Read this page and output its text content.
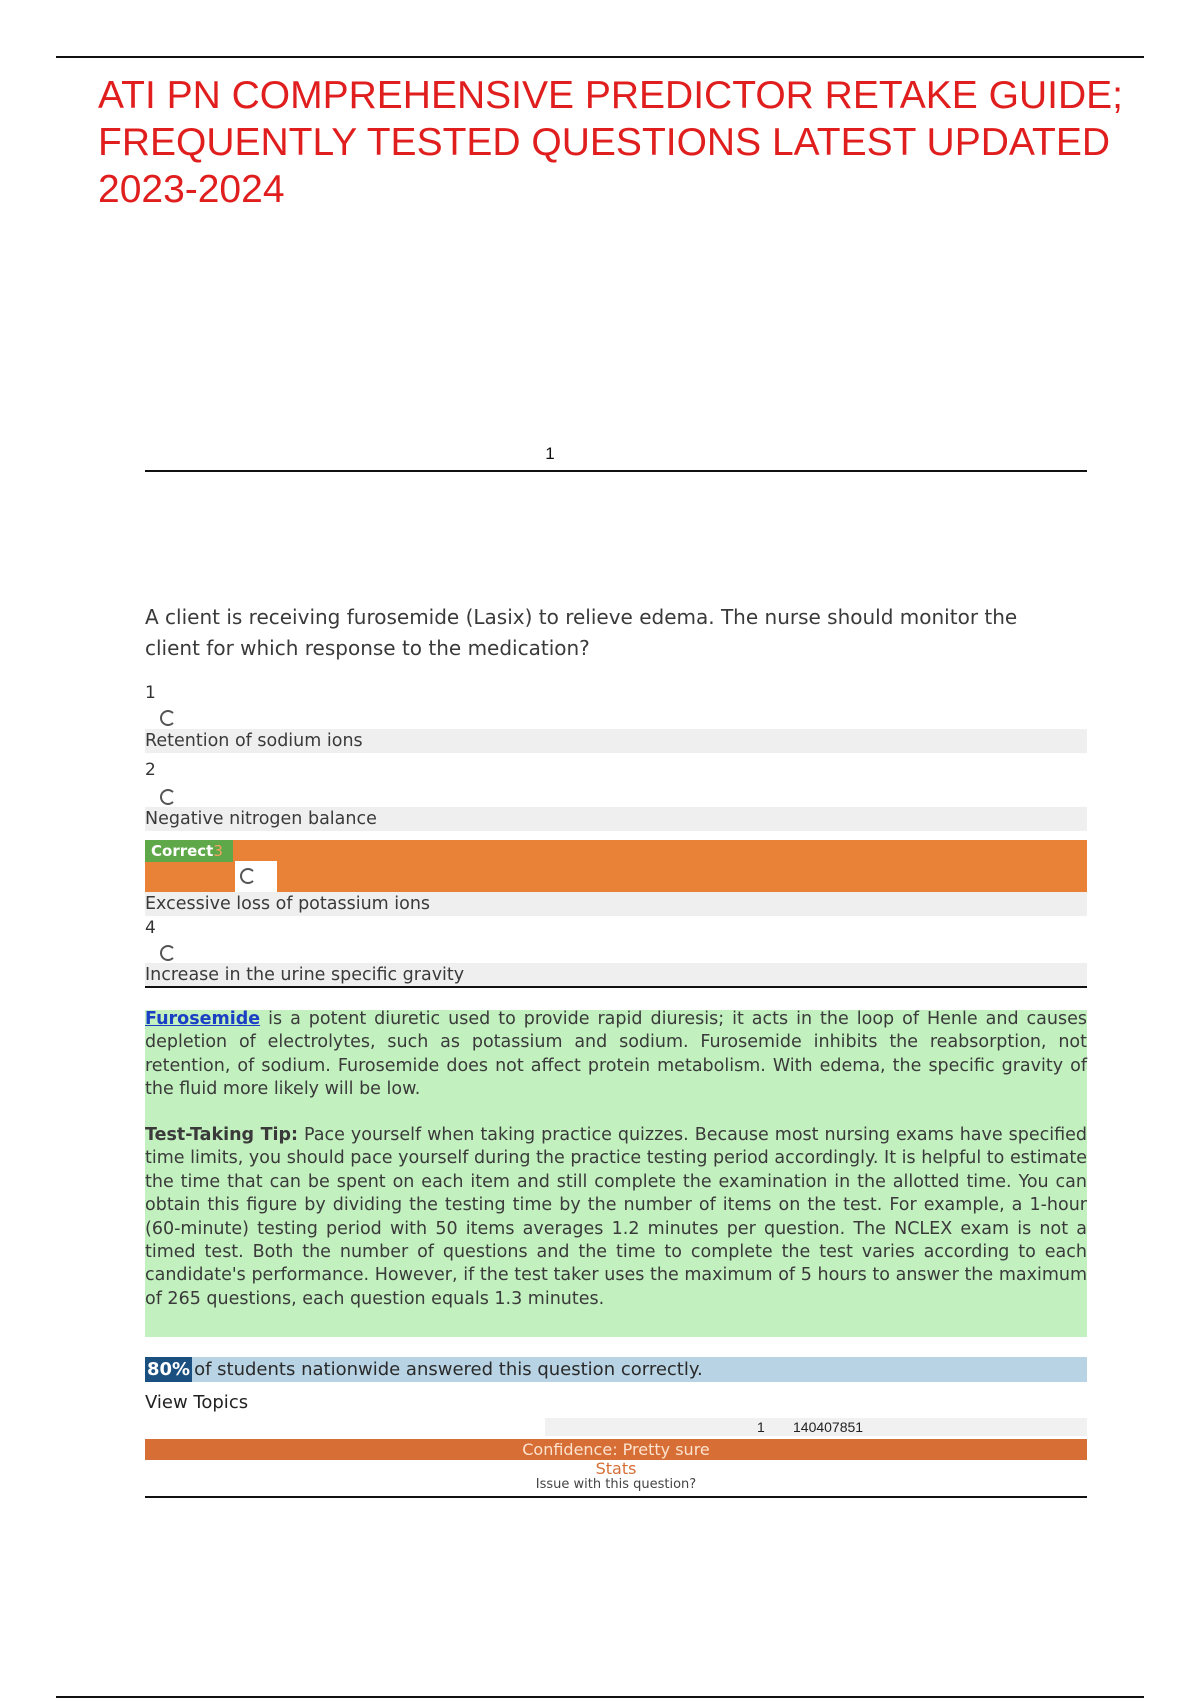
ATI PN COMPREHENSIVE PREDICTOR RETAKE GUIDE; FREQUENTLY TESTED QUESTIONS LATEST UPDATED 2023-2024
1

A client is receiving furosemide (Lasix) to relieve edema. The nurse should monitor the client for which response to the medication?

1
Retention of sodium ions
2
Negative nitrogen balance
Correct3
Excessive loss of potassium ions
4
Increase in the urine specific gravity

Furosemide is a potent diuretic used to provide rapid diuresis; it acts in the loop of Henle and causes depletion of electrolytes, such as potassium and sodium. Furosemide inhibits the reabsorption, not retention, of sodium. Furosemide does not affect protein metabolism. With edema, the specific gravity of the fluid more likely will be low.

Test-Taking Tip: Pace yourself when taking practice quizzes. Because most nursing exams have specified time limits, you should pace yourself during the practice testing period accordingly. It is helpful to estimate the time that can be spent on each item and still complete the examination in the allotted time. You can obtain this figure by dividing the testing time by the number of items on the test. For example, a 1-hour (60-minute) testing period with 50 items averages 1.2 minutes per question. The NCLEX exam is not a timed test. Both the number of questions and the time to complete the test varies according to each candidate's performance. However, if the test taker uses the maximum of 5 hours to answer the maximum of 265 questions, each question equals 1.3 minutes.

80% of students nationwide answered this question correctly.
View Topics
1 140407851
Confidence: Pretty sure
Stats
Issue with this question?
